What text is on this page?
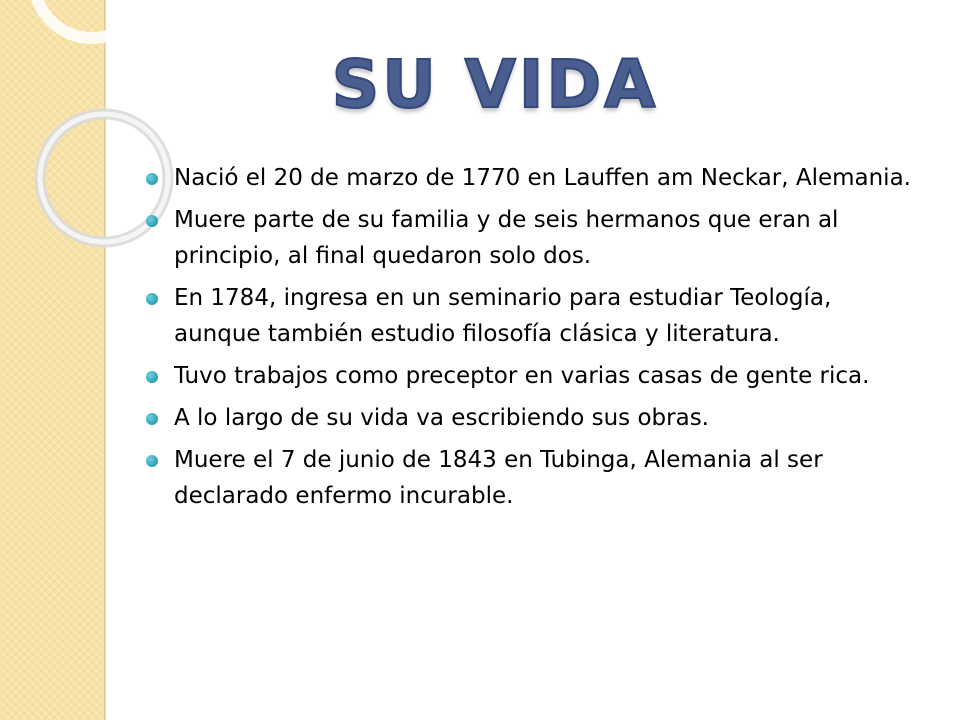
SU VIDA
Nació el 20 de marzo de 1770 en Lauffen am Neckar, Alemania.
Muere parte de su familia y de seis hermanos que eran al principio, al final quedaron solo dos.
En 1784, ingresa en un seminario para estudiar Teología, aunque también estudio filosofía clásica y literatura.
Tuvo trabajos como preceptor en varias casas de gente rica.
A lo largo de su vida va escribiendo sus obras.
Muere el 7 de junio de 1843 en Tubinga, Alemania al ser declarado enfermo incurable.
